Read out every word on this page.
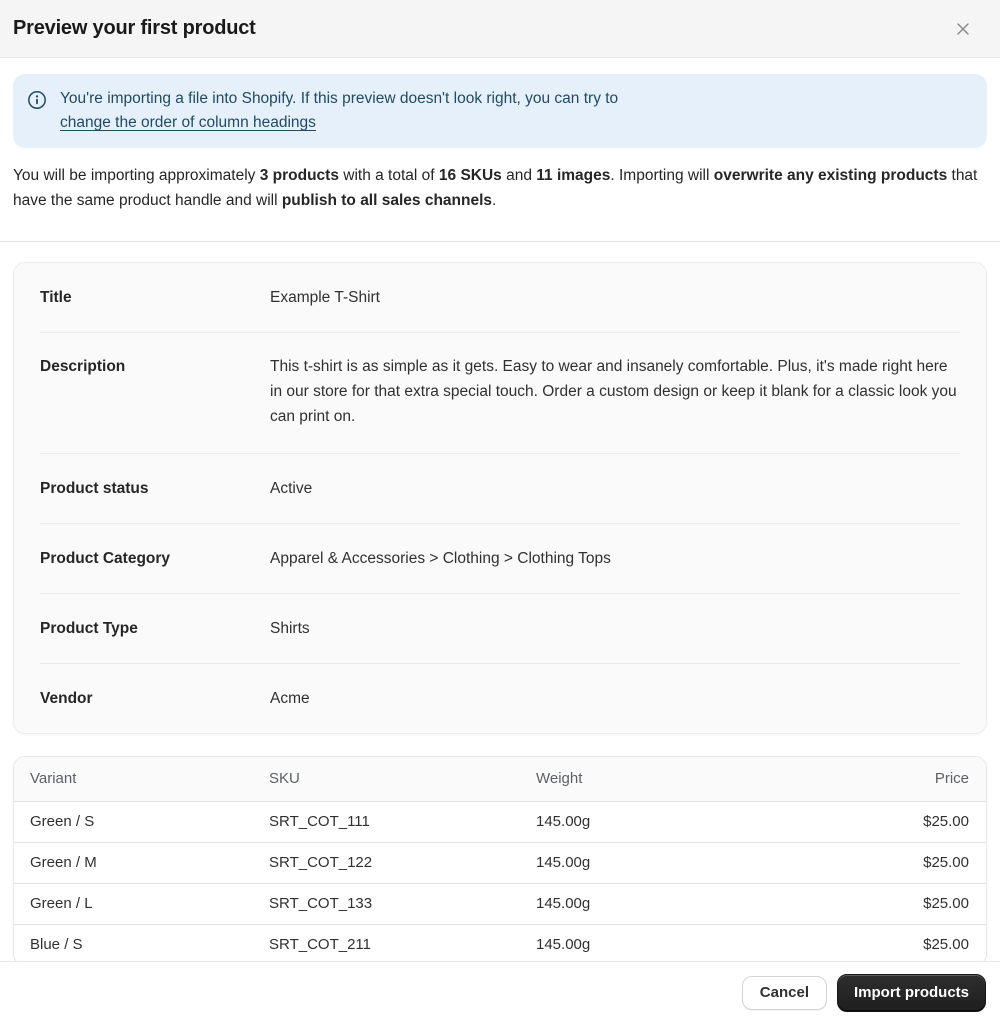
Preview your first product
You're importing a file into Shopify. If this preview doesn't look right, you can try to
change the order of column headings

You will be importing approximately 3 products with a total of 16 SKUs and 11 images. Importing will overwrite any existing products that have the same product handle and will publish to all sales channels.

Title	Example T-Shirt
Description	This t-shirt is as simple as it gets. Easy to wear and insanely comfortable. Plus, it's made right here in our store for that extra special touch. Order a custom design or keep it blank for a classic look you can print on.
Product status	Active
Product Category	Apparel & Accessories > Clothing > Clothing Tops
Product Type	Shirts
Vendor	Acme
Variant	SKU	Weight	Price
Green / S	SRT_COT_111	145.00g	$25.00
Green / M	SRT_COT_122	145.00g	$25.00
Green / L	SRT_COT_133	145.00g	$25.00
Blue / S	SRT_COT_211	145.00g	$25.00
Cancel	Import products
